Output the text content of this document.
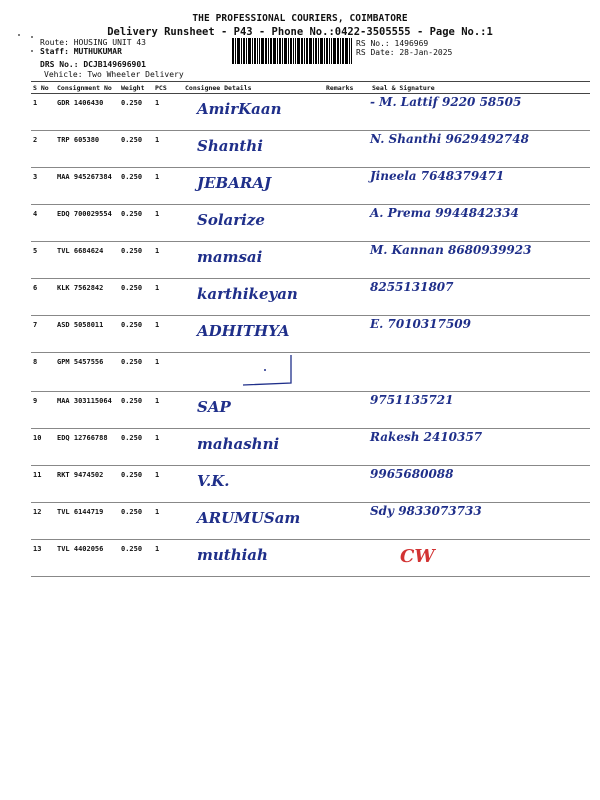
THE PROFESSIONAL COURIERS, COIMBATORE
Delivery Runsheet - P43 - Phone No.:0422-3505555 - Page No.:1
Route: HOUSING UNIT 43
Staff: MUTHUKUMAR
DRS No.: DCJB149696901
Vehicle: Two Wheeler Delivery
RS No.: 1496969
RS Date: 28-Jan-2025
S No	Consignment No	Weight	PCS	Consignee Details	Remarks	Seal & Signature
1	GDR 1406430	0.250	1	AmirKaan		- M. Lattif 9220 58505

2	TRP 605380	0.250	1	Shanthi		N. Shanthi 9629492748

3	MAA 945267384	0.250	1	JEBARAJ		Jineela 7648379471

4	EDQ 700029554	0.250	1	Solarize		A. Prema 9944842334

5	TVL 6684624	0.250	1	mamsai		M. Kannan 8680939923

6	KLK 7562842	0.250	1	karthikeyan		8255131807

7	ASD 5058011	0.250	1	ADHITHYA		E. 7010317509

8	GPM 5457556	0.250	1			
9	MAA 303115064	0.250	1	SAP		9751135721

10	EDQ 12766788	0.250	1	mahashni		Rakesh 2410357

11	RKT 9474502	0.250	1	V.K.		9965680088

12	TVL 6144719	0.250	1	ARUMUSam		Sdy 9833073733

13	TVL 4402056	0.250	1	muthiah		CW
